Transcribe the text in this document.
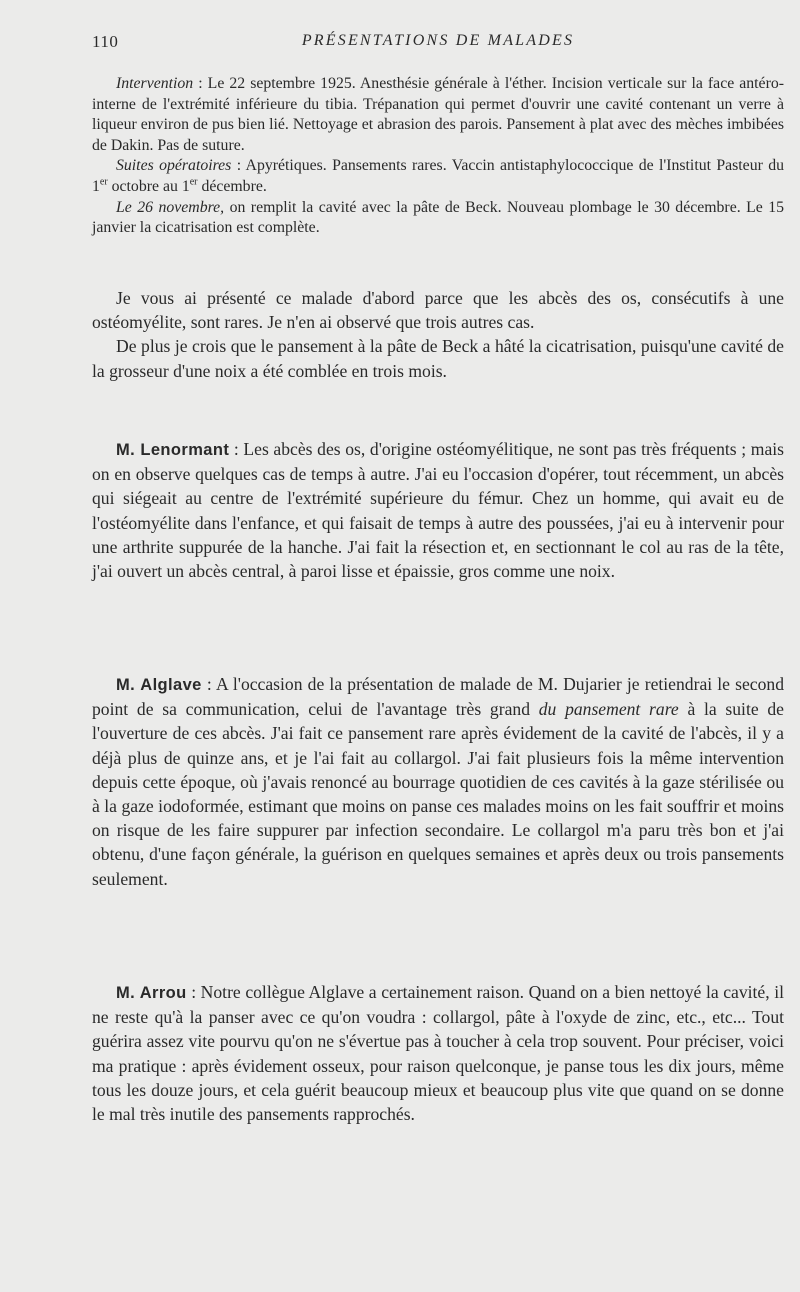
110	PRÉSENTATIONS DE MALADES

Intervention : Le 22 septembre 1925. Anesthésie générale à l'éther. Incision verticale sur la face antéro-interne de l'extrémité inférieure du tibia. Trépanation qui permet d'ouvrir une cavité contenant un verre à liqueur environ de pus bien lié. Nettoyage et abrasion des parois. Pansement à plat avec des mèches imbibées de Dakin. Pas de suture.

Suites opératoires : Apyrétiques. Pansements rares. Vaccin antistaphylococcique de l'Institut Pasteur du 1er octobre au 1er décembre.

Le 26 novembre, on remplit la cavité avec la pâte de Beck. Nouveau plombage le 30 décembre. Le 15 janvier la cicatrisation est complète.

Je vous ai présenté ce malade d'abord parce que les abcès des os, consécutifs à une ostéomyélite, sont rares. Je n'en ai observé que trois autres cas.

De plus je crois que le pansement à la pâte de Beck a hâté la cicatrisation, puisqu'une cavité de la grosseur d'une noix a été comblée en trois mois.

M. Lenormant : Les abcès des os, d'origine ostéomyélitique, ne sont pas très fréquents ; mais on en observe quelques cas de temps à autre. J'ai eu l'occasion d'opérer, tout récemment, un abcès qui siégeait au centre de l'extrémité supérieure du fémur. Chez un homme, qui avait eu de l'ostéomyélite dans l'enfance, et qui faisait de temps à autre des poussées, j'ai eu à intervenir pour une arthrite suppurée de la hanche. J'ai fait la résection et, en sectionnant le col au ras de la tête, j'ai ouvert un abcès central, à paroi lisse et épaissie, gros comme une noix.

M. Alglave : A l'occasion de la présentation de malade de M. Dujarier je retiendrai le second point de sa communication, celui de l'avantage très grand du pansement rare à la suite de l'ouverture de ces abcès. J'ai fait ce pansement rare après évidement de la cavité de l'abcès, il y a déjà plus de quinze ans, et je l'ai fait au collargol. J'ai fait plusieurs fois la même intervention depuis cette époque, où j'avais renoncé au bourrage quotidien de ces cavités à la gaze stérilisée ou à la gaze iodoformée, estimant que moins on panse ces malades moins on les fait souffrir et moins on risque de les faire suppurer par infection secondaire. Le collargol m'a paru très bon et j'ai obtenu, d'une façon générale, la guérison en quelques semaines et après deux ou trois pansements seulement.

M. Arrou : Notre collègue Alglave a certainement raison. Quand on a bien nettoyé la cavité, il ne reste qu'à la panser avec ce qu'on voudra : collargol, pâte à l'oxyde de zinc, etc., etc... Tout guérira assez vite pourvu qu'on ne s'évertue pas à toucher à cela trop souvent. Pour préciser, voici ma pratique : après évidement osseux, pour raison quelconque, je panse tous les dix jours, même tous les douze jours, et cela guérit beaucoup mieux et beaucoup plus vite que quand on se donne le mal très inutile des pansements rapprochés.
